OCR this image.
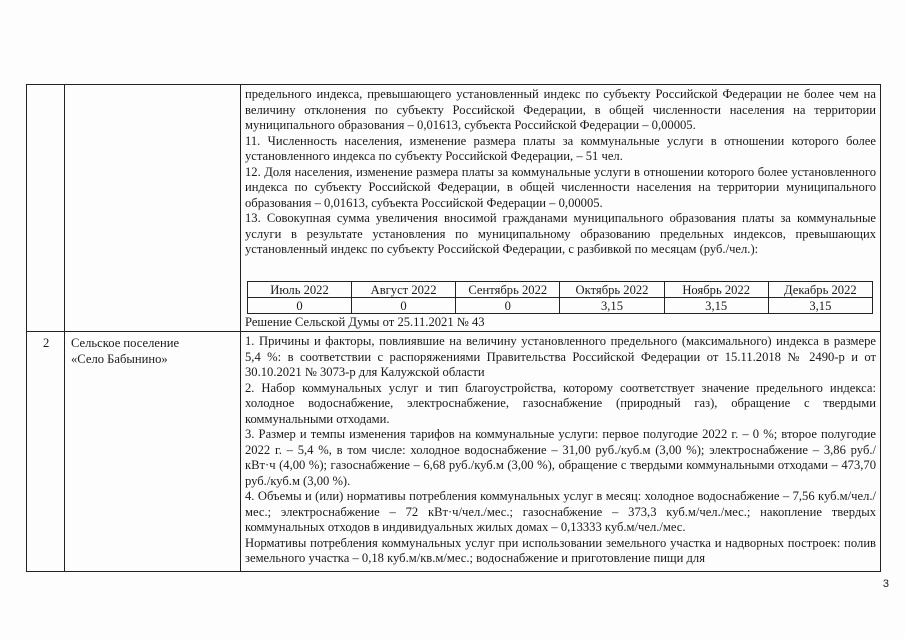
предельного индекса, превышающего установленный индекс по субъекту Российской Федерации не более чем на величину отклонения по субъекту Российской Федерации, в общей численности населения на территории муниципального образования – 0,01613, субъекта Российской Федерации – 0,00005.

11. Численность населения, изменение размера платы за коммунальные услуги в отношении которого более установленного индекса по субъекту Российской Федерации, – 51 чел.

12. Доля населения, изменение размера платы за коммунальные услуги в отношении которого более установленного индекса по субъекту Российской Федерации, в общей численности населения на территории муниципального образования – 0,01613, субъекта Российской Федерации – 0,00005.

13. Совокупная сумма увеличения вносимой гражданами муниципального образования платы за коммунальные услуги в результате установления по муниципальному образованию предельных индексов, превышающих установленный индекс по субъекту Российской Федерации, с разбивкой по месяцам (руб./чел.):

Июль 2022	Август 2022	Сентябрь 2022	Октябрь 2022	Ноябрь 2022	Декабрь 2022
0	0	0	3,15	3,15	3,15
Решение Сельской Думы от 25.11.2021 № 43
2 Сельское поселение
«Село Бабынино»

1. Причины и факторы, повлиявшие на величину установленного предельного (максимального) индекса в размере 5,4 %: в соответствии с распоряжениями Правительства Российской Федерации от 15.11.2018 № 2490-р и от 30.10.2021 № 3073-р для Калужской области

2. Набор коммунальных услуг и тип благоустройства, которому соответствует значение предельного индекса: холодное водоснабжение, электроснабжение, газоснабжение (природный газ), обращение с твердыми коммунальными отходами.

3. Размер и темпы изменения тарифов на коммунальные услуги: первое полугодие 2022 г. – 0 %; второе полугодие 2022 г. – 5,4 %, в том числе: холодное водоснабжение – 31,00 руб./куб.м (3,00 %); электроснабжение – 3,86 руб./кВт·ч (4,00 %); газоснабжение – 6,68 руб./куб.м (3,00 %), обращение с твердыми коммунальными отходами – 473,70 руб./куб.м (3,00 %).

4. Объемы и (или) нормативы потребления коммунальных услуг в месяц: холодное водоснабжение – 7,56 куб.м/чел./мес.; электроснабжение – 72 кВт·ч/чел./мес.; газоснабжение – 373,3 куб.м/чел./мес.; накопление твердых коммунальных отходов в индивидуальных жилых домах – 0,13333 куб.м/чел./мес.

Нормативы потребления коммунальных услуг при использовании земельного участка и надворных построек: полив земельного участка – 0,18 куб.м/кв.м/мес.; водоснабжение и приготовление пищи для

3
